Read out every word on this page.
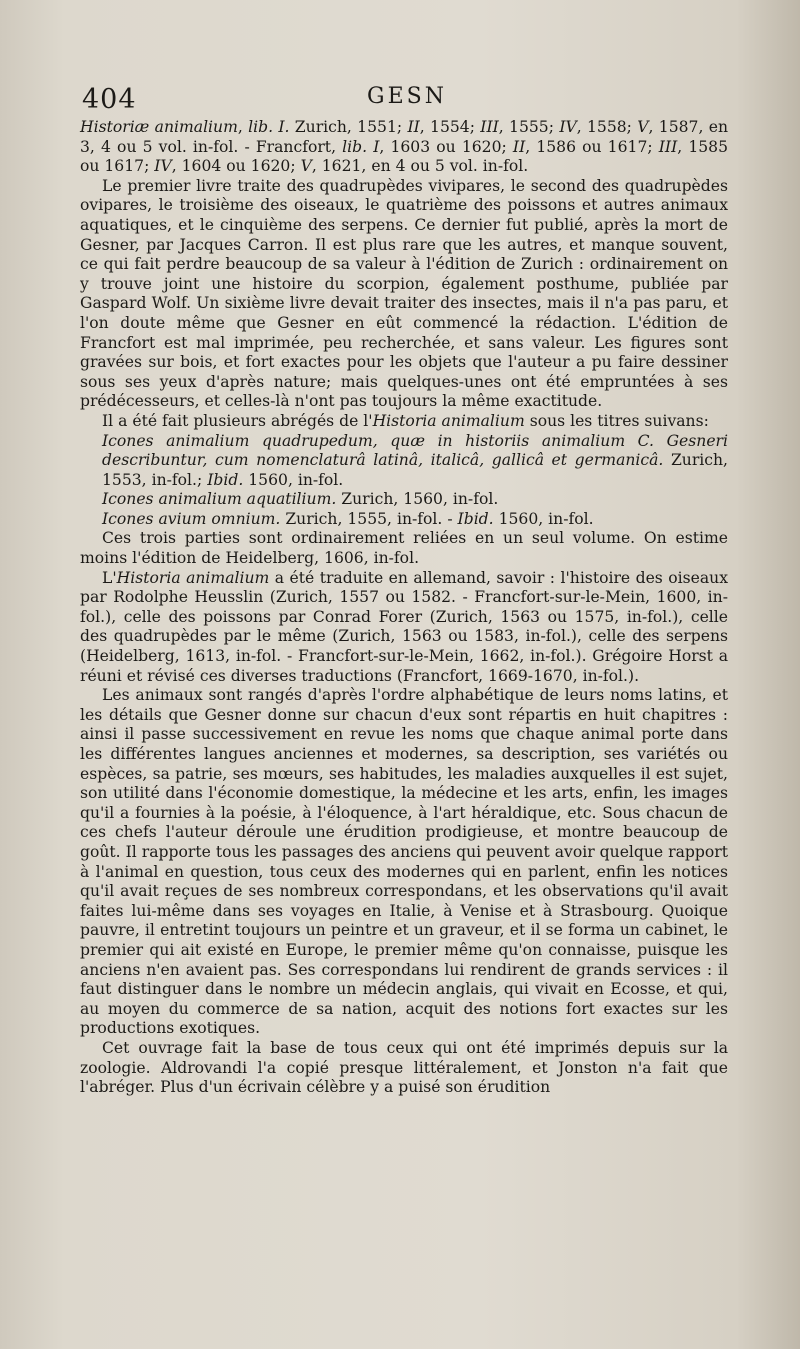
404	GESN

Historiæ animalium, lib. I. Zurich, 1551; II, 1554; III, 1555; IV, 1558; V, 1587, en 3, 4 ou 5 vol. in-fol. - Francfort, lib. I, 1603 ou 1620; II, 1586 ou 1617; III, 1585 ou 1617; IV, 1604 ou 1620; V, 1621, en 4 ou 5 vol. in-fol.

Le premier livre traite des quadrupèdes vivipares, le second des quadrupèdes ovipares, le troisième des oiseaux, le quatrième des poissons et autres animaux aquatiques, et le cinquième des serpens. Ce dernier fut publié, après la mort de Gesner, par Jacques Carron. Il est plus rare que les autres, et manque souvent, ce qui fait perdre beaucoup de sa valeur à l'édition de Zurich : ordinairement on y trouve joint une histoire du scorpion, également posthume, publiée par Gaspard Wolf. Un sixième livre devait traiter des insectes, mais il n'a pas paru, et l'on doute même que Gesner en eût commencé la rédaction. L'édition de Francfort est mal imprimée, peu recherchée, et sans valeur. Les figures sont gravées sur bois, et fort exactes pour les objets que l'auteur a pu faire dessiner sous ses yeux d'après nature; mais quelques-unes ont été empruntées à ses prédécesseurs, et celles-là n'ont pas toujours la même exactitude.

Il a été fait plusieurs abrégés de l'Historia animalium sous les titres suivans:

Icones animalium quadrupedum, quæ in historiis animalium C. Gesneri describuntur, cum nomenclaturâ latinâ, italicâ, gallicâ et germanicâ. Zurich, 1553, in-fol.; Ibid. 1560, in-fol.

Icones animalium aquatilium. Zurich, 1560, in-fol.

Icones avium omnium. Zurich, 1555, in-fol. - Ibid. 1560, in-fol.

Ces trois parties sont ordinairement reliées en un seul volume. On estime moins l'édition de Heidelberg, 1606, in-fol.

L'Historia animalium a été traduite en allemand, savoir : l'histoire des oiseaux par Rodolphe Heusslin (Zurich, 1557 ou 1582. - Francfort-sur-le-Mein, 1600, in-fol.), celle des poissons par Conrad Forer (Zurich, 1563 ou 1575, in-fol.), celle des quadrupèdes par le même (Zurich, 1563 ou 1583, in-fol.), celle des serpens (Heidelberg, 1613, in-fol. - Francfort-sur-le-Mein, 1662, in-fol.). Grégoire Horst a réuni et révisé ces diverses traductions (Francfort, 1669-1670, in-fol.).

Les animaux sont rangés d'après l'ordre alphabétique de leurs noms latins, et les détails que Gesner donne sur chacun d'eux sont répartis en huit chapitres : ainsi il passe successivement en revue les noms que chaque animal porte dans les différentes langues anciennes et modernes, sa description, ses variétés ou espèces, sa patrie, ses mœurs, ses habitudes, les maladies auxquelles il est sujet, son utilité dans l'économie domestique, la médecine et les arts, enfin, les images qu'il a fournies à la poésie, à l'éloquence, à l'art héraldique, etc. Sous chacun de ces chefs l'auteur déroule une érudition prodigieuse, et montre beaucoup de goût. Il rapporte tous les passages des anciens qui peuvent avoir quelque rapport à l'animal en question, tous ceux des modernes qui en parlent, enfin les notices qu'il avait reçues de ses nombreux correspondans, et les observations qu'il avait faites lui-même dans ses voyages en Italie, à Venise et à Strasbourg. Quoique pauvre, il entretint toujours un peintre et un graveur, et il se forma un cabinet, le premier qui ait existé en Europe, le premier même qu'on connaisse, puisque les anciens n'en avaient pas. Ses correspondans lui rendirent de grands services : il faut distinguer dans le nombre un médecin anglais, qui vivait en Ecosse, et qui, au moyen du commerce de sa nation, acquit des notions fort exactes sur les productions exotiques.

Cet ouvrage fait la base de tous ceux qui ont été imprimés depuis sur la zoologie. Aldrovandi l'a copié presque littéralement, et Jonston n'a fait que l'abréger. Plus d'un écrivain célèbre y a puisé son érudition
